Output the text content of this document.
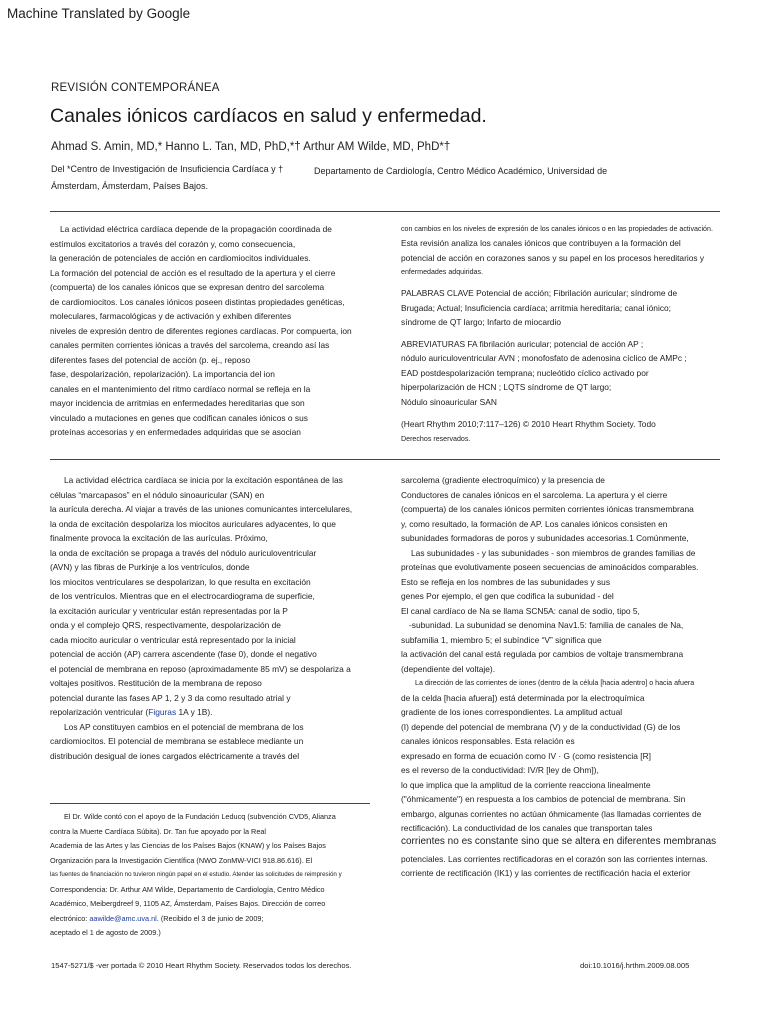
Machine Translated by Google
REVISIÓN CONTEMPORÁNEA
Canales iónicos cardíacos en salud y enfermedad.
Ahmad S. Amin, MD,* Hanno L. Tan, MD, PhD,*† Arthur AM Wilde, MD, PhD*†
Del *Centro de Investigación de Insuficiencia Cardíaca y †	Departamento de Cardiología, Centro Médico Académico, Universidad de
Ámsterdam, Ámsterdam, Países Bajos.
La actividad eléctrica cardíaca depende de la propagación coordinada de
estímulos excitatorios a través del corazón y, como consecuencia,
la generación de potenciales de acción en cardiomiocitos individuales.
La formación del potencial de acción es el resultado de la apertura y el cierre
(compuerta) de los canales iónicos que se expresan dentro del sarcolema
de cardiomiocitos. Los canales iónicos poseen distintas propiedades genéticas,
moleculares, farmacológicas y de activación y exhiben diferentes
niveles de expresión dentro de diferentes regiones cardíacas. Por compuerta, ion
canales permiten corrientes iónicas a través del sarcolema, creando así las
diferentes fases del potencial de acción (p. ej., reposo
fase, despolarización, repolarización). La importancia del ion
canales en el mantenimiento del ritmo cardíaco normal se refleja en la
mayor incidencia de arritmias en enfermedades hereditarias que son
vinculado a mutaciones en genes que codifican canales iónicos o sus
proteínas accesorias y en enfermedades adquiridas que se asocian
con cambios en los niveles de expresión de los canales iónicos o en las propiedades de activación.
Esta revisión analiza los canales iónicos que contribuyen a la formación del
potencial de acción en corazones sanos y su papel en los procesos hereditarios y
enfermedades adquiridas.
PALABRAS CLAVE Potencial de acción; Fibrilación auricular; síndrome de
Brugada; Actual; Insuficiencia cardíaca; arritmia hereditaria; canal iónico;
síndrome de QT largo; Infarto de miocardio
ABREVIATURAS FA fibrilación auricular; potencial de acción AP ;
nódulo auriculoventricular AVN ; monofosfato de adenosina cíclico de AMPc ;
EAD postdespolarización temprana; nucleótido cíclico activado por
hiperpolarización de HCN ; LQTS síndrome de QT largo;
Nódulo sinoauricular SAN
(Heart Rhythm 2010;7:117–126) © 2010 Heart Rhythm Society. Todo
Derechos reservados.
La actividad eléctrica cardíaca se inicia por la excitación espontánea de las
células “marcapasos” en el nódulo sinoauricular (SAN) en
la aurícula derecha. Al viajar a través de las uniones comunicantes intercelulares,
la onda de excitación despolariza los miocitos auriculares adyacentes, lo que
finalmente provoca la excitación de las aurículas. Próximo,
la onda de excitación se propaga a través del nódulo auriculoventricular
(AVN) y las fibras de Purkinje a los ventrículos, donde
los miocitos ventriculares se despolarizan, lo que resulta en excitación
de los ventrículos. Mientras que en el electrocardiograma de superficie,
la excitación auricular y ventricular están representadas por la P
onda y el complejo QRS, respectivamente, despolarización de
cada miocito auricular o ventricular está representado por la inicial
potencial de acción (AP) carrera ascendente (fase 0), donde el negativo
el potencial de membrana en reposo (aproximadamente 85 mV) se despolariza a
voltajes positivos. Restitución de la membrana de reposo
potencial durante las fases AP 1, 2 y 3 da como resultado atrial y
repolarización ventricular (Figuras 1A y 1B).
Los AP constituyen cambios en el potencial de membrana de los
cardiomiocitos. El potencial de membrana se establece mediante un
distribución desigual de iones cargados eléctricamente a través del
El Dr. Wilde contó con el apoyo de la Fundación Leducq (subvención CVD5, Alianza
contra la Muerte Cardíaca Súbita). Dr. Tan fue apoyado por la Real
Academia de las Artes y las Ciencias de los Países Bajos (KNAW) y los Países Bajos
Organización para la Investigación Científica (NWO ZonMW-VICI 918.86.616). El
las fuentes de financiación no tuvieron ningún papel en el estudio. Atender las solicitudes de reimpresión y
Correspondencia: Dr. Arthur AM Wilde, Departamento de Cardiología, Centro Médico
Académico, Meibergdreef 9, 1105 AZ, Ámsterdam, Países Bajos. Dirección de correo
electrónico: aawilde@amc.uva.nl. (Recibido el 3 de junio de 2009;
aceptado el 1 de agosto de 2009.)
sarcolema (gradiente electroquímico) y la presencia de
Conductores de canales iónicos en el sarcolema. La apertura y el cierre
(compuerta) de los canales iónicos permiten corrientes iónicas transmembrana
y, como resultado, la formación de AP. Los canales iónicos consisten en
subunidades formadoras de poros y subunidades accesorias.1 Comúnmente,
Las subunidades - y las subunidades - son miembros de grandes familias de
proteínas que evolutivamente poseen secuencias de aminoácidos comparables.
Esto se refleja en los nombres de las subunidades y sus
genes Por ejemplo, el gen que codifica la subunidad - del
El canal cardíaco de Na se llama SCN5A: canal de sodio, tipo 5,
-subunidad. La subunidad se denomina Nav1.5: familia de canales de Na,
subfamilia 1, miembro 5; el subíndice “V” significa que
la activación del canal está regulada por cambios de voltaje transmembrana
(dependiente del voltaje).
La dirección de las corrientes de iones (dentro de la célula [hacia adentro] o hacia afuera
de la celda [hacia afuera]) está determinada por la electroquímica
gradiente de los iones correspondientes. La amplitud actual
(I) depende del potencial de membrana (V) y de la conductividad (G) de los
canales iónicos responsables. Esta relación es
expresado en forma de ecuación como IV · G (como resistencia [R]
es el reverso de la conductividad: IV/R [ley de Ohm]),
lo que implica que la amplitud de la corriente reacciona linealmente
("óhmicamente") en respuesta a los cambios de potencial de membrana. Sin
embargo, algunas corrientes no actúan óhmicamente (las llamadas corrientes de
rectificación). La conductividad de los canales que transportan tales
corrientes no es constante sino que se altera en diferentes membranas
potenciales. Las corrientes rectificadoras en el corazón son las corrientes internas.
corriente de rectificación (IK1) y las corrientes de rectificación hacia el exterior
1547-5271/$ -ver portada © 2010 Heart Rhythm Society. Reservados todos los derechos.	doi:10.1016/j.hrthm.2009.08.005
